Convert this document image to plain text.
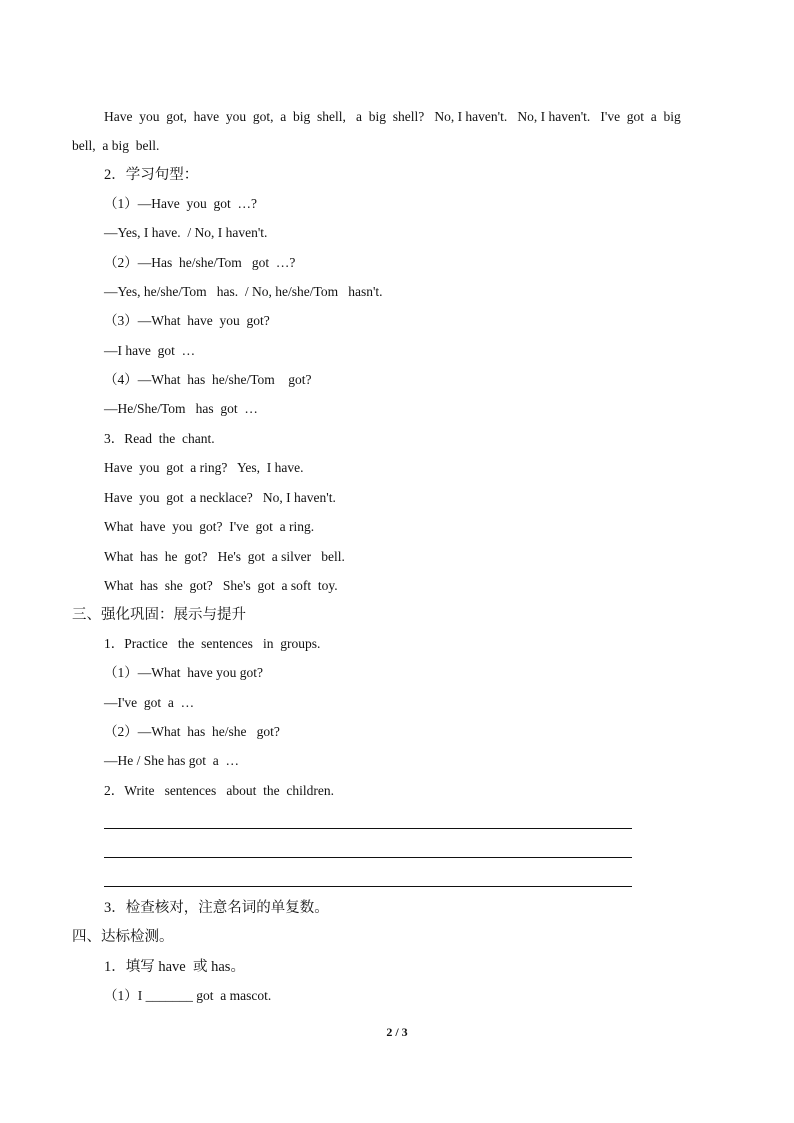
Have  you  got,  have  you  got,  a  big  shell,   a  big  shell?   No, I haven't.   No, I haven't.   I've  got  a  big
bell,  a big  bell.
2．学习句型：
（1）—Have  you  got  …?
—Yes, I have.  / No, I haven't.
（2）—Has  he/she/Tom   got  …?
—Yes, he/she/Tom   has.  / No, he/she/Tom   hasn't.
（3）—What  have  you  got?
—I have  got  …
（4）—What  has  he/she/Tom    got?
—He/She/Tom   has  got  …
3．Read  the  chant.
Have  you  got  a ring?   Yes,  I have.
Have  you  got  a necklace?   No, I haven't.
What  have  you  got?  I've  got  a ring.
What  has  he  got?   He's  got  a silver   bell.
What  has  she  got?   She's  got  a soft  toy.
三、强化巩固：展示与提升
1．Practice   the  sentences   in  groups.
（1）—What  have you got?
—I've  got  a  …
（2）—What  has  he/she   got?
—He / She has got  a  …
2．Write   sentences   about  the  children.
3．检查核对，注意名词的单复数。
四、达标检测。
1．填写 have  或 has。
（1）I _______ got  a mascot.
2 / 3
